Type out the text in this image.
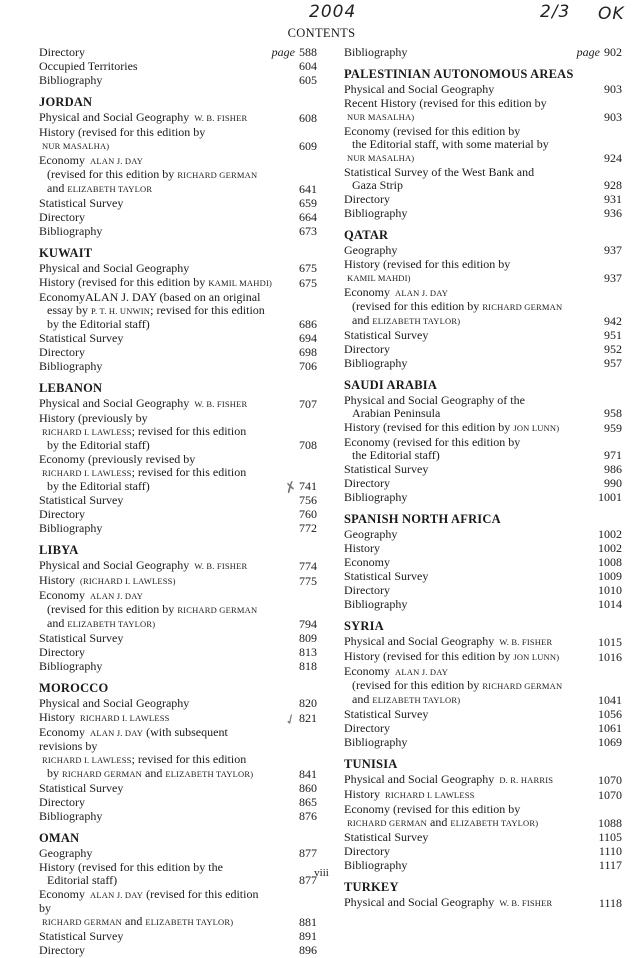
2004	2/3 OK
CONTENTS
Directory	page 588
Occupied Territories	604
Bibliography	605
JORDAN
Physical and Social Geography W. B. FISHER	608
History (revised for this edition by
NUR MASALHA)	609
Economy ALAN J. DAY
(revised for this edition by RICHARD GERMAN
and ELIZABETH TAYLOR	641
Statistical Survey	659
Directory	664
Bibliography	673
KUWAIT
Physical and Social Geography	675
History (revised for this edition by KAMIL MAHDI) 675
EconomyALAN J. DAY (based on an original
essay by P. T. H. UNWIN; revised for this edition
by the Editorial staff)	686
Statistical Survey	694
Directory	698
Bibliography	706
LEBANON
Physical and Social Geography W. B. FISHER	707
History (previously by
RICHARD I. LAWLESS; revised for this edition
by the Editorial staff)	708
Economy (previously revised by
RICHARD I. LAWLESS; revised for this edition
by the Editorial staff)	741
Statistical Survey	756
Directory	760
Bibliography	772
LIBYA
Physical and Social Geography W. B. FISHER	774
History (RICHARD I. LAWLESS)	775
Economy ALAN J. DAY
(revised for this edition by RICHARD GERMAN
and ELIZABETH TAYLOR)	794
Statistical Survey	809
Directory	813
Bibliography	818
MOROCCO
Physical and Social Geography	820
History RICHARD I. LAWLESS	821
Economy ALAN J. DAY (with subsequent revisions by
RICHARD I. LAWLESS; revised for this edition
by RICHARD GERMAN and ELIZABETH TAYLOR)	841
Statistical Survey	860
Directory	865
Bibliography	876
OMAN
Geography	877
History (revised for this edition by the
Editorial staff)	877
Economy ALAN J. DAY (revised for this edition by
RICHARD GERMAN and ELIZABETH TAYLOR)	881
Statistical Survey	891
Directory	896
Bibliography	page 902
PALESTINIAN AUTONOMOUS AREAS
Physical and Social Geography	903
Recent History (revised for this edition by
NUR MASALHA)	903
Economy (revised for this edition by
the Editorial staff, with some material by
NUR MASALHA)	924
Statistical Survey of the West Bank and
Gaza Strip	928
Directory	931
Bibliography	936
QATAR
Geography	937
History (revised for this edition by
KAMIL MAHDI)	937
Economy ALAN J. DAY
(revised for this edition by RICHARD GERMAN
and ELIZABETH TAYLOR)	942
Statistical Survey	951
Directory	952
Bibliography	957
SAUDI ARABIA
Physical and Social Geography of the
Arabian Peninsula	958
History (revised for this edition by JON LUNN)	959
Economy (revised for this edition by
the Editorial staff)	971
Statistical Survey	986
Directory	990
Bibliography	1001
SPANISH NORTH AFRICA
Geography	1002
History	1002
Economy	1008
Statistical Survey	1009
Directory	1010
Bibliography	1014
SYRIA
Physical and Social Geography W. B. FISHER	1015
History (revised for this edition by JON LUNN)	1016
Economy ALAN J. DAY
(revised for this edition by RICHARD GERMAN
and ELIZABETH TAYLOR)	1041
Statistical Survey	1056
Directory	1061
Bibliography	1069
TUNISIA
Physical and Social Geography D. R. HARRIS	1070
History RICHARD I. LAWLESS	1070
Economy (revised for this edition by
RICHARD GERMAN and ELIZABETH TAYLOR)	1088
Statistical Survey	1105
Directory	1110
Bibliography	1117
TURKEY
Physical and Social Geography W. B. FISHER	1118
✗
✓
viii
